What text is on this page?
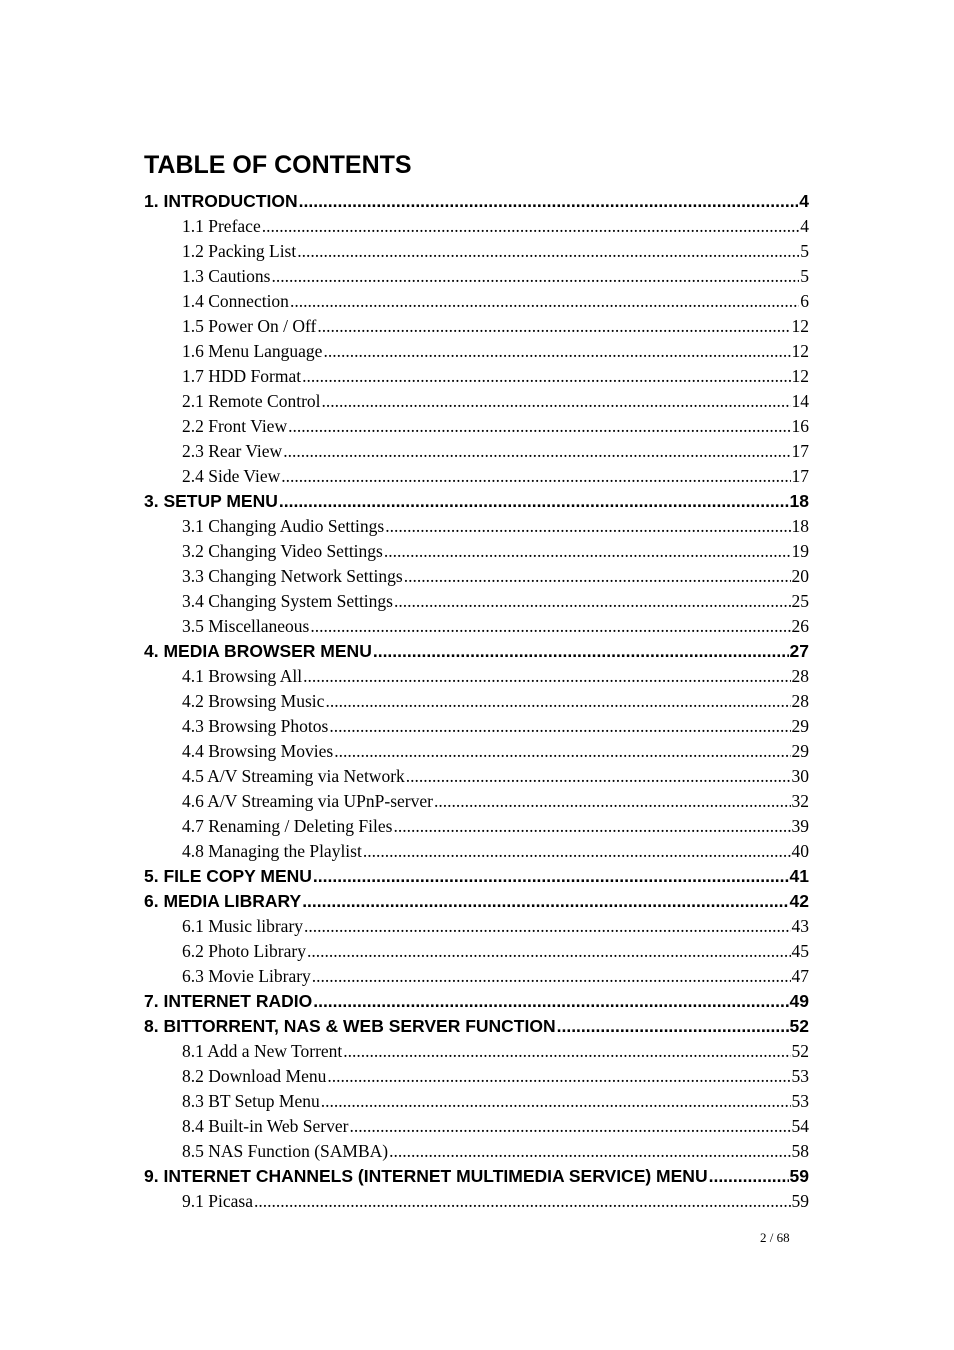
TABLE OF CONTENTS
1. INTRODUCTION .....	4
1.1 Preface .....	4
1.2 Packing List .....	5
1.3 Cautions .....	5
1.4 Connection .....	6
1.5 Power On / Off .....	12
1.6 Menu Language .....	12
1.7 HDD Format .....	12
2.1 Remote Control .....	14
2.2 Front View .....	16
2.3 Rear View .....	17
2.4 Side View .....	17
3. SETUP MENU .....	18
3.1 Changing Audio Settings .....	18
3.2 Changing Video Settings .....	19
3.3 Changing Network Settings .....	20
3.4 Changing System Settings .....	25
3.5 Miscellaneous .....	26
4. MEDIA BROWSER MENU .....	27
4.1 Browsing All .....	28
4.2 Browsing Music .....	28
4.3 Browsing Photos .....	29
4.4 Browsing Movies .....	29
4.5 A/V Streaming via Network .....	30
4.6 A/V Streaming via UPnP-server .....	32
4.7 Renaming / Deleting Files .....	39
4.8 Managing the Playlist .....	40
5. FILE COPY MENU .....	41
6. MEDIA LIBRARY .....	42
6.1 Music library .....	43
6.2 Photo Library .....	45
6.3 Movie Library .....	47
7. INTERNET RADIO .....	49
8. BITTORRENT, NAS & WEB SERVER FUNCTION .....	52
8.1 Add a New Torrent .....	52
8.2 Download Menu .....	53
8.3 BT Setup Menu .....	53
8.4 Built-in Web Server .....	54
8.5 NAS Function (SAMBA) .....	58
9. INTERNET CHANNELS (INTERNET MULTIMEDIA SERVICE) MENU .....	59
9.1 Picasa .....	59
2 / 68
